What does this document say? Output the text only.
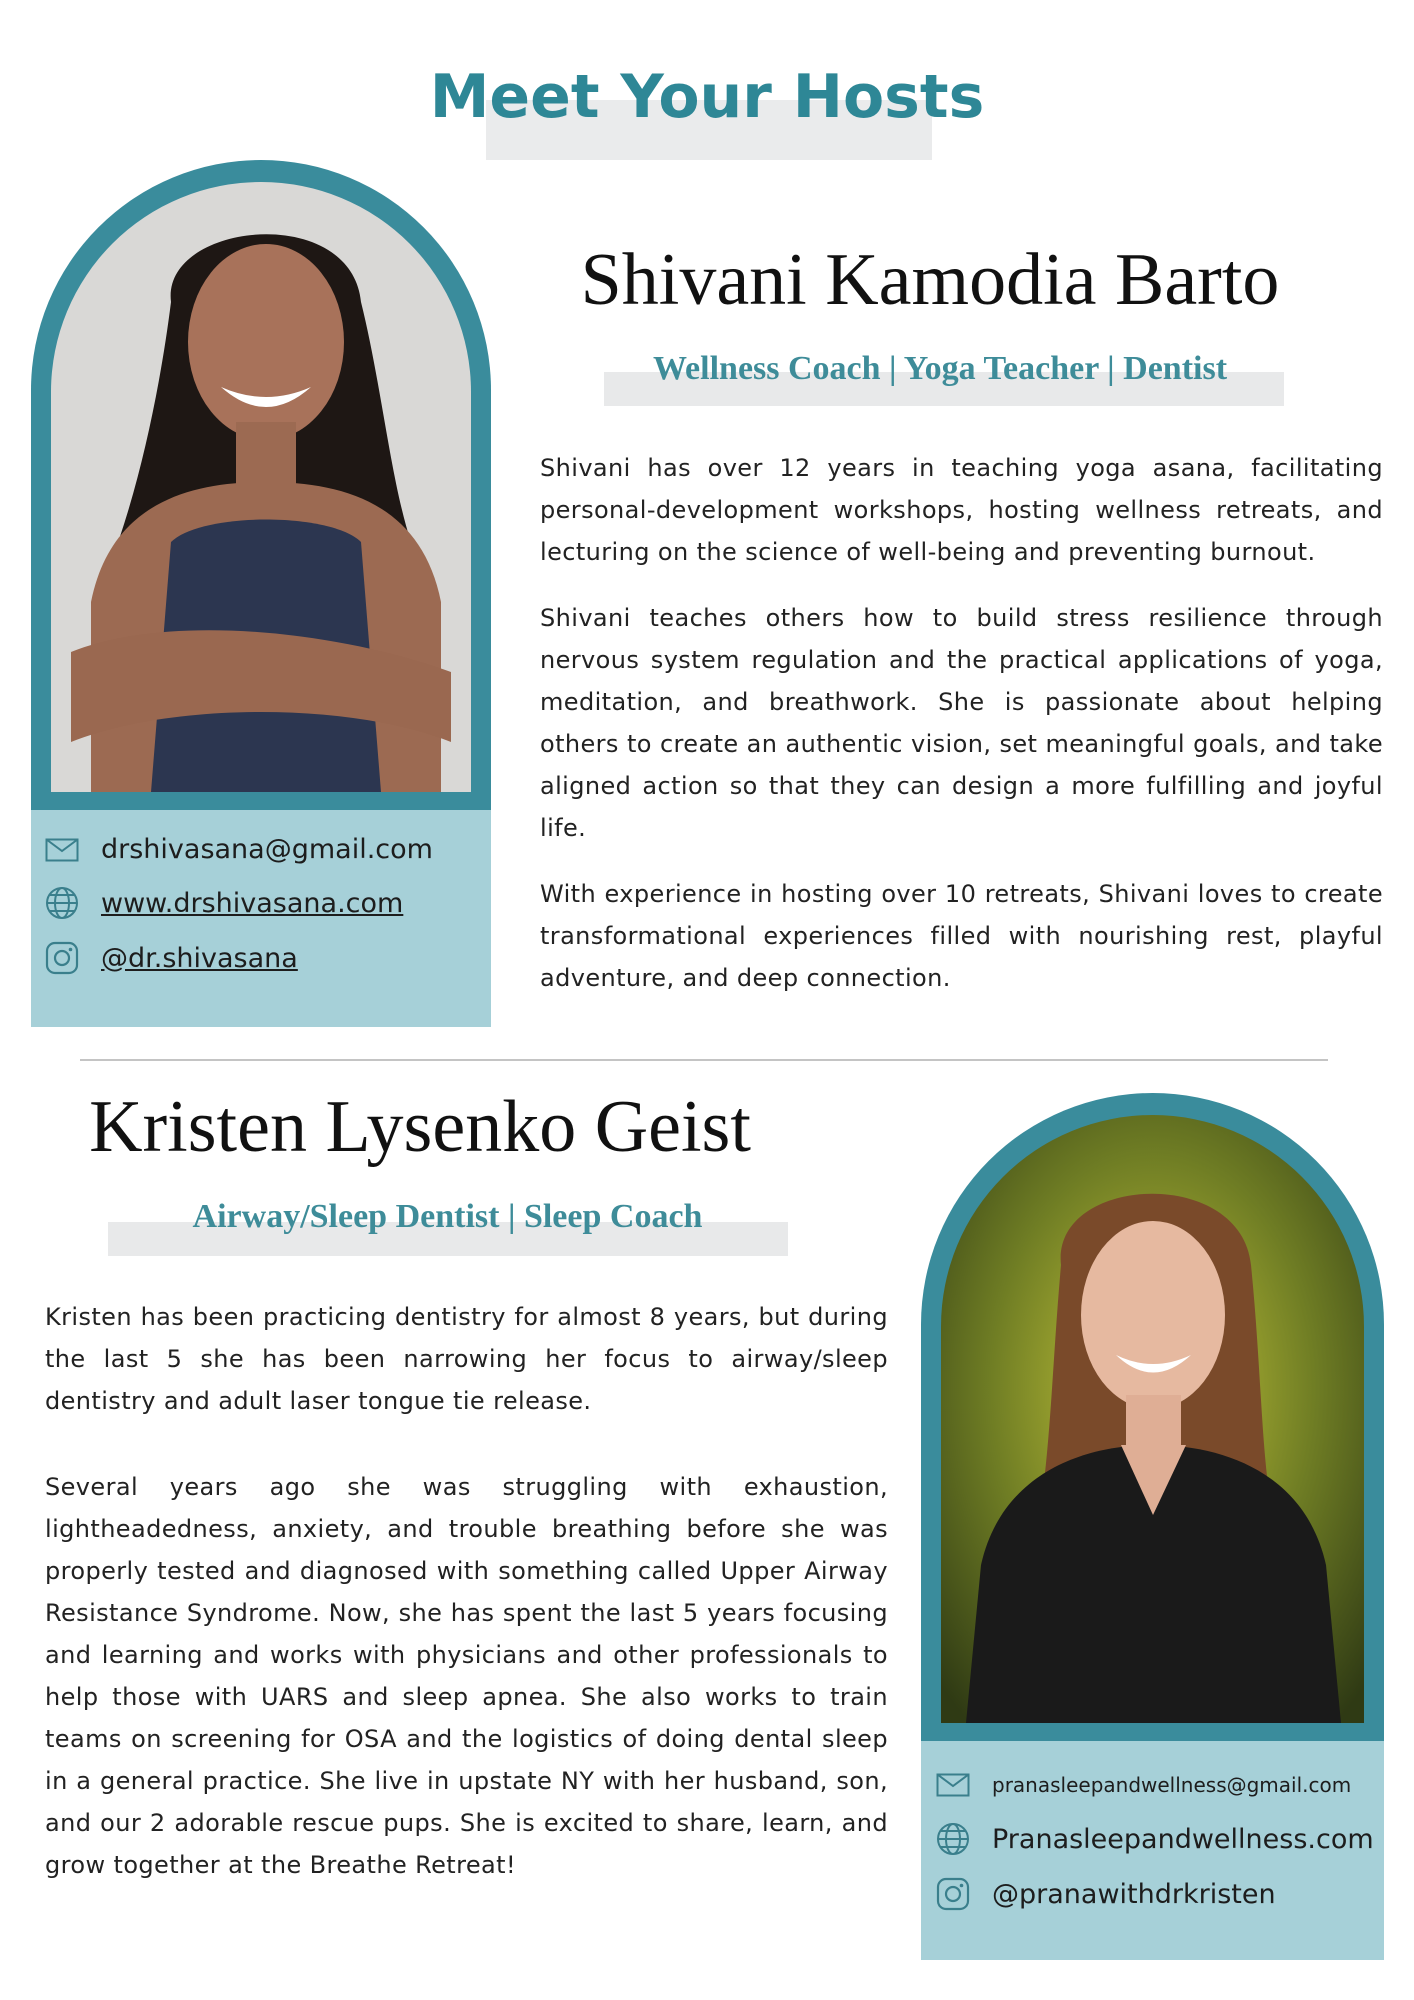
Meet Your Hosts
drshivasana@gmail.com
www.drshivasana.com
@dr.shivasana
Shivani Kamodia Barto
Wellness Coach | Yoga Teacher | Dentist

Shivani has over 12 years in teaching yoga asana, facilitating personal-development workshops, hosting wellness retreats, and lecturing on the science of well-being and preventing burnout.

Shivani teaches others how to build stress resilience through nervous system regulation and the practical applications of yoga, meditation, and breathwork. She is passionate about helping others to create an authentic vision, set meaningful goals, and take aligned action so that they can design a more fulfilling and joyful life.

With experience in hosting over 10 retreats, Shivani loves to create transformational experiences filled with nourishing rest, playful adventure, and deep connection.

Kristen Lysenko Geist
Airway/Sleep Dentist | Sleep Coach

Kristen has been practicing dentistry for almost 8 years, but during the last 5 she has been narrowing her focus to airway/sleep dentistry and adult laser tongue tie release.

Several years ago she was struggling with exhaustion, lightheadedness, anxiety, and trouble breathing before she was properly tested and diagnosed with something called Upper Airway Resistance Syndrome. Now, she has spent the last 5 years focusing and learning and works with physicians and other professionals to help those with UARS and sleep apnea. She also works to train teams on screening for OSA and the logistics of doing dental sleep in a general practice. She live in upstate NY with her husband, son, and our 2 adorable rescue pups. She is excited to share, learn, and grow together at the Breathe Retreat!

pranasleepandwellness@gmail.com
Pranasleepandwellness.com
@pranawithdrkristen
